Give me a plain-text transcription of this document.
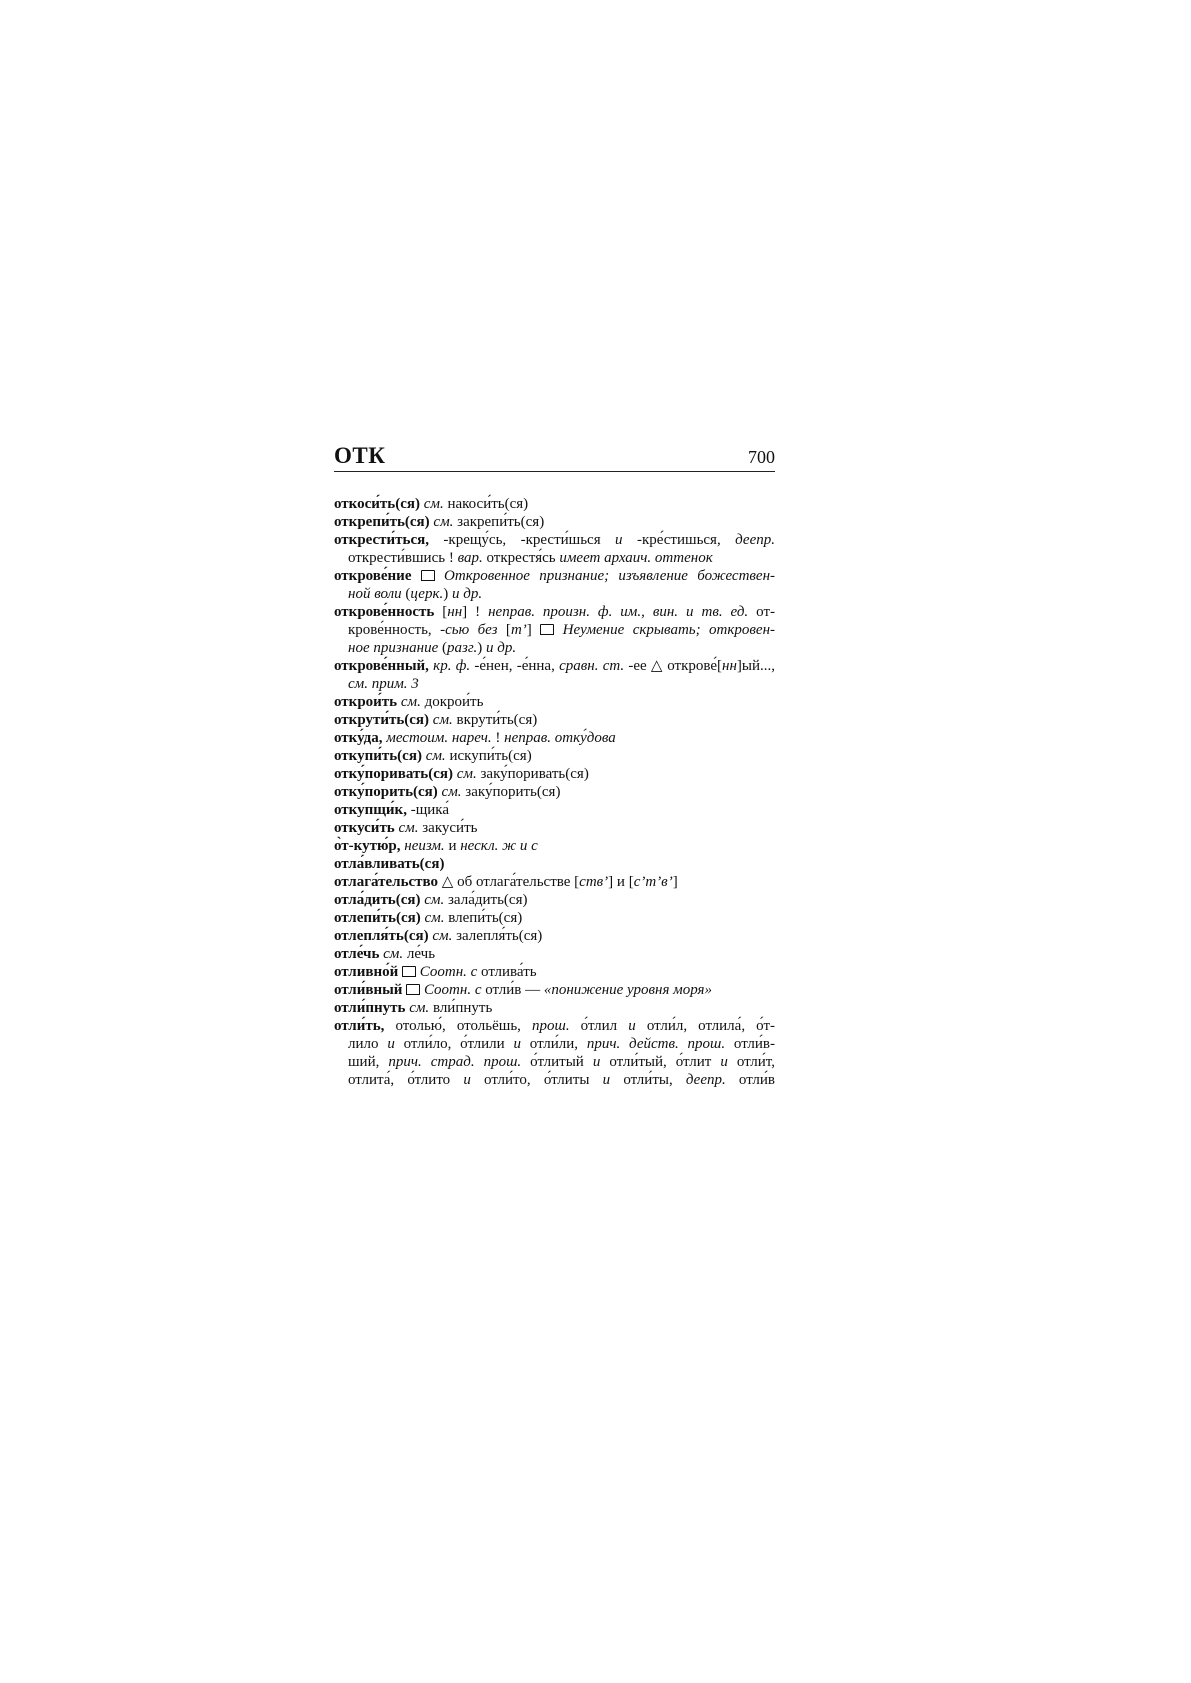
ОТК	700
откоси́ть(ся) см. накоси́ть(ся)
открепи́ть(ся) см. закрепи́ть(ся)
открести́ться, -крещу́сь, -крести́шься и -кре́стишься, деепр.
открести́вшись ! вар. открестя́сь имеет архаич. оттенок
открове́ние Откровенное признание; изъявление божествен-
ной воли (церк.) и др.
открове́нность [нн] ! неправ. произн. ф. им., вин. и тв. ед. от-
крове́нность, -сью без [т’]  Неумение скрывать; откровен-
ное признание (разг.) и др.
открове́нный, кр. ф. -е́нен, -е́нна, сравн. ст. -ее △ открове́[нн]ый...,
см. прим. 3
открои́ть см. докрои́ть
открути́ть(ся) см. вкрути́ть(ся)
отку́да, местоим. нареч. ! неправ. отку́дова
откупи́ть(ся) см. искупи́ть(ся)
отку́поривать(ся) см. заку́поривать(ся)
отку́порить(ся) см. заку́порить(ся)
откупщи́к, -щика́
откуси́ть см. закуси́ть
о̀т-кутю́р, неизм. и нескл. ж и с
отла́вливать(ся)
отлага́тельство △ об отлага́тельстве [ств’] и [с’т’в’]
отла́дить(ся) см. зала́дить(ся)
отлепи́ть(ся) см. влепи́ть(ся)
отлепля́ть(ся) см. залепля́ть(ся)
отле́чь см. ле́чь
отливно́й Соотн. с отлива́ть
отли́вный Соотн. с отли́в — «понижение уровня моря»
отли́пнуть см. вли́пнуть
отли́ть, отолью́, отольёшь, прош. о́тлил и отли́л, отлила́, о́т-
лило и отли́ло, о́тлили и отли́ли, прич. действ. прош. отли́в-
ший, прич. страд. прош. о́тлитый и отли́тый, о́тлит и отли́т,
отлита́, о́тлито и отли́то, о́тлиты и отли́ты, деепр. отли́в
